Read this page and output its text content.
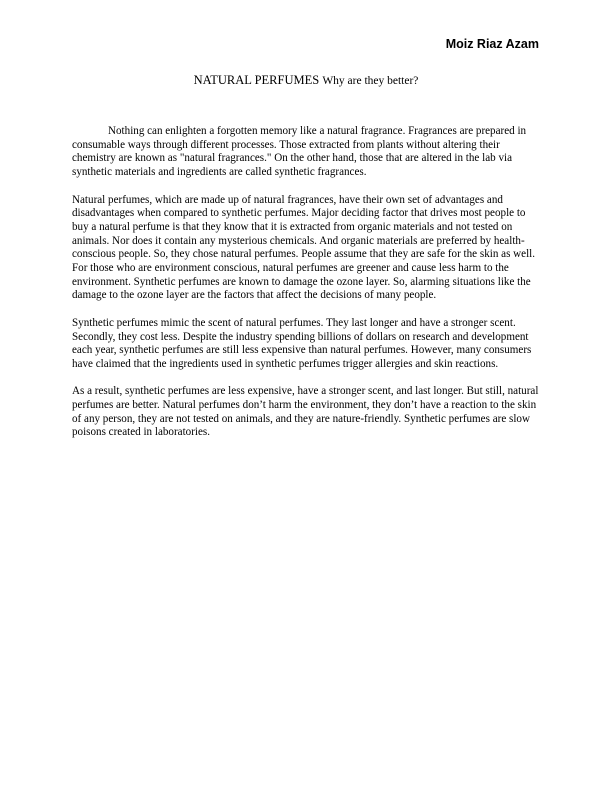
Moiz Riaz Azam
NATURAL PERFUMES Why are they better?

Nothing can enlighten a forgotten memory like a natural fragrance. Fragrances are prepared in consumable ways through different processes. Those extracted from plants without altering their chemistry are known as "natural fragrances." On the other hand, those that are altered in the lab via synthetic materials and ingredients are called synthetic fragrances.

Natural perfumes, which are made up of natural fragrances, have their own set of advantages and disadvantages when compared to synthetic perfumes. Major deciding factor that drives most people to buy a natural perfume is that they know that it is extracted from organic materials and not tested on animals. Nor does it contain any mysterious chemicals. And organic materials are preferred by health-conscious people. So, they chose natural perfumes. People assume that they are safe for the skin as well. For those who are environment conscious, natural perfumes are greener and cause less harm to the environment. Synthetic perfumes are known to damage the ozone layer. So, alarming situations like the damage to the ozone layer are the factors that affect the decisions of many people.

Synthetic perfumes mimic the scent of natural perfumes. They last longer and have a stronger scent. Secondly, they cost less. Despite the industry spending billions of dollars on research and development each year, synthetic perfumes are still less expensive than natural perfumes. However, many consumers have claimed that the ingredients used in synthetic perfumes trigger allergies and skin reactions.

As a result, synthetic perfumes are less expensive, have a stronger scent, and last longer. But still, natural perfumes are better. Natural perfumes don’t harm the environment, they don’t have a reaction to the skin of any person, they are not tested on animals, and they are nature-friendly. Synthetic perfumes are slow poisons created in laboratories.
